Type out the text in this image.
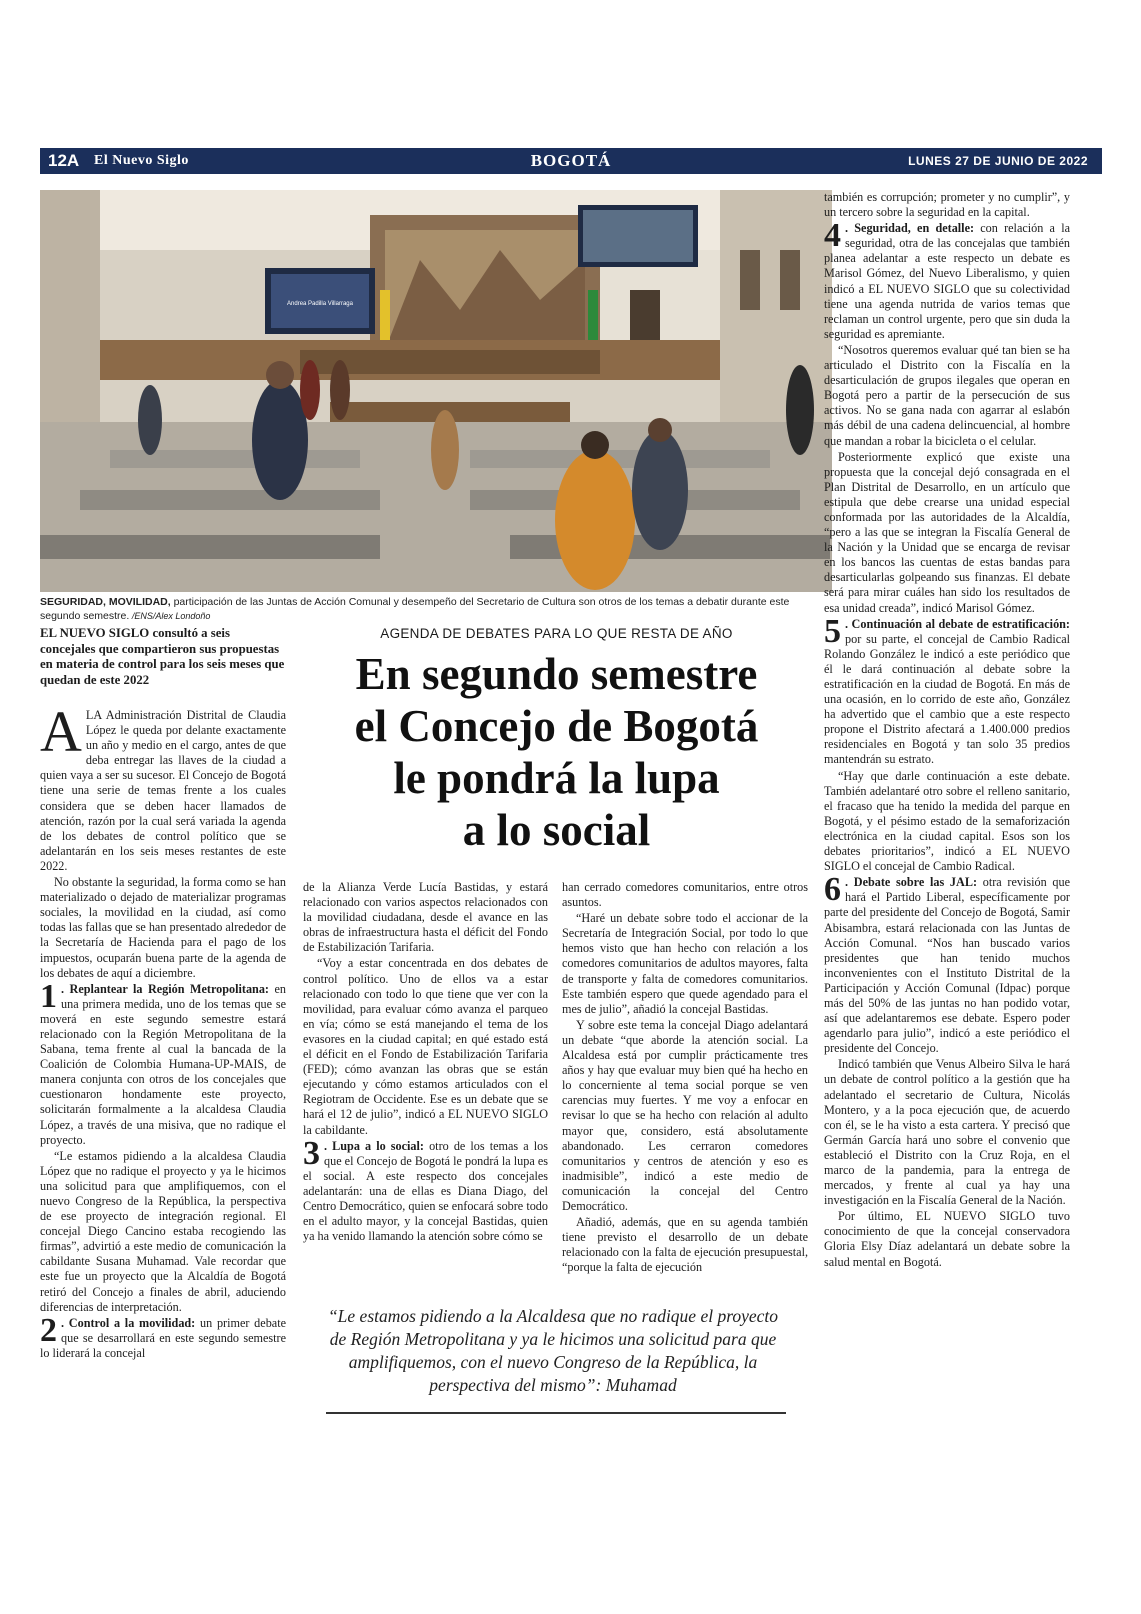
12A El Nuevo Siglo	BOGOTÁ	LUNES 27 DE JUNIO DE 2022
Andrea Padilla Villarraga
SEGURIDAD, MOVILIDAD, participación de las Juntas de Acción Comunal y desempeño del Secretario de Cultura son otros de los temas a debatir durante este segundo semestre. /ENS/Alex Londoño
EL NUEVO SIGLO consultó a seis concejales que compartieron sus propuestas en materia de control para los seis meses que quedan de este 2022

ALA Administración Distrital de Claudia López le queda por delante exactamente un año y medio en el cargo, antes de que deba entregar las llaves de la ciudad a quien vaya a ser su sucesor. El Concejo de Bogotá tiene una serie de temas frente a los cuales considera que se deben hacer llamados de atención, razón por la cual será variada la agenda de los debates de control político que se adelantarán en los seis meses restantes de este 2022.

No obstante la seguridad, la forma como se han materializado o dejado de materializar programas sociales, la movilidad en la ciudad, así como todas las fallas que se han presentado alrededor de la Secretaría de Hacienda para el pago de los impuestos, ocuparán buena parte de la agenda de los debates de aquí a diciembre.

1 . Replantear la Región Metropolitana: en una primera medida, uno de los temas que se moverá en este segundo semestre estará relacionado con la Región Metropolitana de la Sabana, tema frente al cual la bancada de la Coalición de Colombia Humana-UP-MAIS, de manera conjunta con otros de los concejales que cuestionaron hondamente este proyecto, solicitarán formalmente a la alcaldesa Claudia López, a través de una misiva, que no radique el proyecto.

“Le estamos pidiendo a la alcaldesa Claudia López que no radique el proyecto y ya le hicimos una solicitud para que amplifiquemos, con el nuevo Congreso de la República, la perspectiva de ese proyecto de integración regional. El concejal Diego Cancino estaba recogiendo las firmas”, advirtió a este medio de comunicación la cabildante Susana Muhamad. Vale recordar que este fue un proyecto que la Alcaldía de Bogotá retiró del Concejo a finales de abril, aduciendo diferencias de interpretación.

2 . Control a la movilidad: un primer debate que se desarrollará en este segundo semestre lo liderará la concejal

AGENDA DE DEBATES PARA LO QUE RESTA DE AÑO
En segundo semestre
el Concejo de Bogotá
le pondrá la lupa
a lo social

de la Alianza Verde Lucía Bastidas, y estará relacionado con varios aspectos relacionados con la movilidad ciudadana, desde el avance en las obras de infraestructura hasta el déficit del Fondo de Estabilización Tarifaria.

“Voy a estar concentrada en dos debates de control político. Uno de ellos va a estar relacionado con todo lo que tiene que ver con la movilidad, para evaluar cómo avanza el parqueo en vía; cómo se está manejando el tema de los evasores en la ciudad capital; en qué estado está el déficit en el Fondo de Estabilización Tarifaria (FED); cómo avanzan las obras que se están ejecutando y cómo estamos articulados con el Regiotram de Occidente. Ese es un debate que se hará el 12 de julio”, indicó a EL NUEVO SIGLO la cabildante.

3 . Lupa a lo social: otro de los temas a los que el Concejo de Bogotá le pondrá la lupa es el social. A este respecto dos concejales adelantarán: una de ellas es Diana Diago, del Centro Democrático, quien se enfocará sobre todo en el adulto mayor, y la concejal Bastidas, quien ya ha venido llamando la atención sobre cómo se

han cerrado comedores comunitarios, entre otros asuntos.

“Haré un debate sobre todo el accionar de la Secretaría de Integración Social, por todo lo que hemos visto que han hecho con relación a los comedores comunitarios de adultos mayores, falta de transporte y falta de comedores comunitarios. Este también espero que quede agendado para el mes de julio”, añadió la concejal Bastidas.

Y sobre este tema la concejal Diago adelantará un debate “que aborde la atención social. La Alcaldesa está por cumplir prácticamente tres años y hay que evaluar muy bien qué ha hecho en lo concerniente al tema social porque se ven carencias muy fuertes. Y me voy a enfocar en revisar lo que se ha hecho con relación al adulto mayor que, considero, está absolutamente abandonado. Les cerraron comedores comunitarios y centros de atención y eso es inadmisible”, indicó a este medio de comunicación la concejal del Centro Democrático.

Añadió, además, que en su agenda también tiene previsto el desarrollo de un debate relacionado con la falta de ejecución presupuestal, “porque la falta de ejecución

también es corrupción; prometer y no cumplir”, y un tercero sobre la seguridad en la capital.

4 . Seguridad, en detalle: con relación a la seguridad, otra de las concejalas que también planea adelantar a este respecto un debate es Marisol Gómez, del Nuevo Liberalismo, y quien indicó a EL NUEVO SIGLO que su colectividad tiene una agenda nutrida de varios temas que reclaman un control urgente, pero que sin duda la seguridad es apremiante.

“Nosotros queremos evaluar qué tan bien se ha articulado el Distrito con la Fiscalía en la desarticulación de grupos ilegales que operan en Bogotá pero a partir de la persecución de sus activos. No se gana nada con agarrar al eslabón más débil de una cadena delincuencial, al hombre que mandan a robar la bicicleta o el celular.

Posteriormente explicó que existe una propuesta que la concejal dejó consagrada en el Plan Distrital de Desarrollo, en un artículo que estipula que debe crearse una unidad especial conformada por las autoridades de la Alcaldía, “pero a las que se integran la Fiscalía General de la Nación y la Unidad que se encarga de revisar en los bancos las cuentas de estas bandas para desarticularlas golpeando sus finanzas. El debate será para mirar cuáles han sido los resultados de esa unidad creada”, indicó Marisol Gómez.

5 . Continuación al debate de estratificación: por su parte, el concejal de Cambio Radical Rolando González le indicó a este periódico que él le dará continuación al debate sobre la estratificación en la ciudad de Bogotá. En más de una ocasión, en lo corrido de este año, González ha advertido que el cambio que a este respecto propone el Distrito afectará a 1.400.000 predios residenciales en Bogotá y tan solo 35 predios mantendrán su estrato.

“Hay que darle continuación a este debate. También adelantaré otro sobre el relleno sanitario, el fracaso que ha tenido la medida del parque en Bogotá, y el pésimo estado de la semaforización electrónica en la ciudad capital. Esos son los debates prioritarios”, indicó a EL NUEVO SIGLO el concejal de Cambio Radical.

6 . Debate sobre las JAL: otra revisión que hará el Partido Liberal, específicamente por parte del presidente del Concejo de Bogotá, Samir Abisambra, estará relacionada con las Juntas de Acción Comunal. “Nos han buscado varios presidentes que han tenido muchos inconvenientes con el Instituto Distrital de la Participación y Acción Comunal (Idpac) porque más del 50% de las juntas no han podido votar, así que adelantaremos ese debate. Espero poder agendarlo para julio”, indicó a este periódico el presidente del Concejo.

Indicó también que Venus Albeiro Silva le hará un debate de control político a la gestión que ha adelantado el secretario de Cultura, Nicolás Montero, y a la poca ejecución que, de acuerdo con él, se le ha visto a esta cartera. Y precisó que Germán García hará uno sobre el convenio que estableció el Distrito con la Cruz Roja, en el marco de la pandemia, para la entrega de mercados, y frente al cual ya hay una investigación en la Fiscalía General de la Nación.

Por último, EL NUEVO SIGLO tuvo conocimiento de que la concejal conservadora Gloria Elsy Díaz adelantará un debate sobre la salud mental en Bogotá.

“Le estamos pidiendo a la Alcaldesa que no radique el proyecto de Región Metropolitana y ya le hicimos una solicitud para que amplifiquemos, con el nuevo Congreso de la República, la perspectiva del mismo”: Muhamad
